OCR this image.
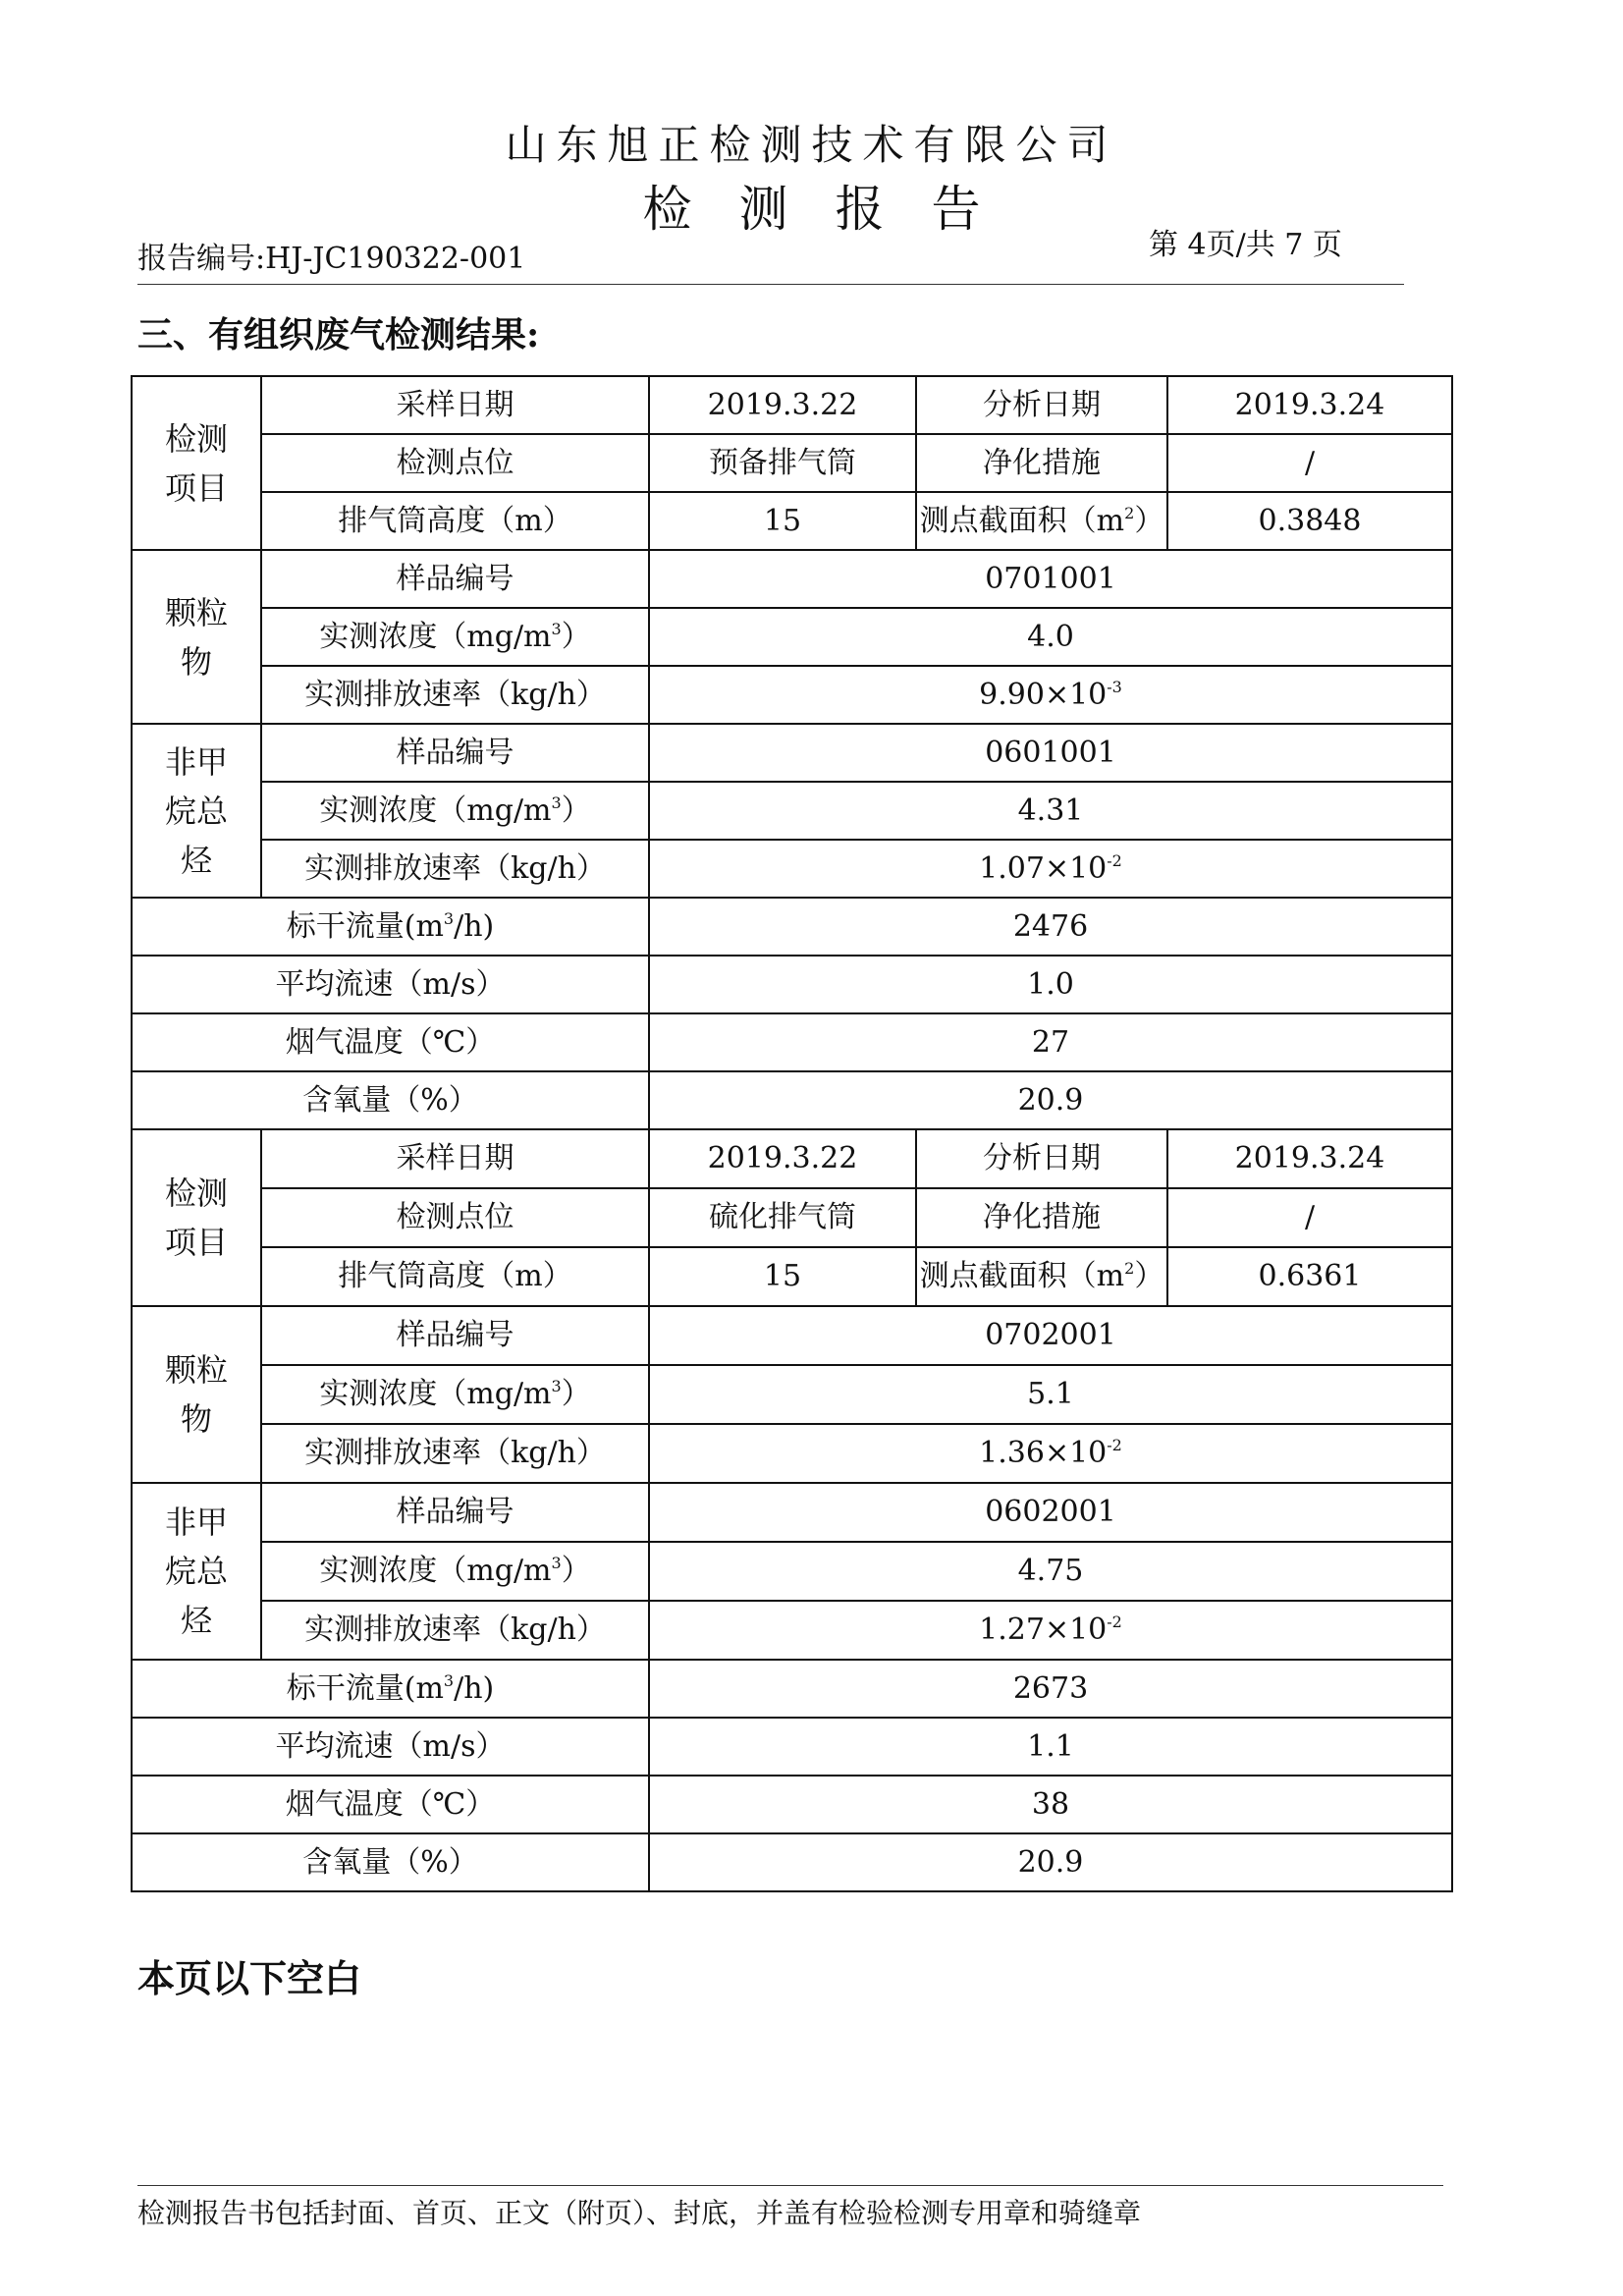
山东旭正检测技术有限公司
检 测 报 告
报告编号:HJ-JC190322-001	第 4页/共 7 页
三、有组织废气检测结果:
检测
项目	采样日期	2019.3.22	分析日期	2019.3.24
	检测点位	预备排气筒	净化措施	/
	排气筒高度（m）	15	测点截面积$(m^2)$	0.3848
颗粒
物	样品编号	0701001		
	实测浓度$(mg/m^3)$	4.0		
	实测排放速率（kg/h）	$9.90\times 10^{-3}$
非甲
烷总
烃	样品编号	0601001		
	实测浓度$(mg/m^3)$	4.31		
	实测排放速率（kg/h）	$1.07\times 10^{-2}$
标干流量$(m^3/h)$		2476		
平均流速（m/s）		1.0		
烟气温度（℃）		27		
含氧量（%）		20.9		
检测
项目	采样日期	2019.3.22	分析日期	2019.3.24
	检测点位	硫化排气筒	净化措施	/
	排气筒高度（m）	15	测点截面积$(m^2)$	0.6361
颗粒
物	样品编号	0702001		
	实测浓度$(mg/m^3)$	5.1		
	实测排放速率（kg/h）	$1.36\times 10^{-2}$
非甲
烷总
烃	样品编号	0602001		
	实测浓度$(mg/m^3)$	4.75		
	实测排放速率（kg/h）	$1.27\times 10^{-2}$
标干流量$(m^3/h)$		2673		
平均流速（m/s）		1.1		
烟气温度（℃）		38		
含氧量（%）		20.9		
本页以下空白
检测报告书包括封面、首页、正文（附页）、封底，并盖有检验检测专用章和骑缝章
